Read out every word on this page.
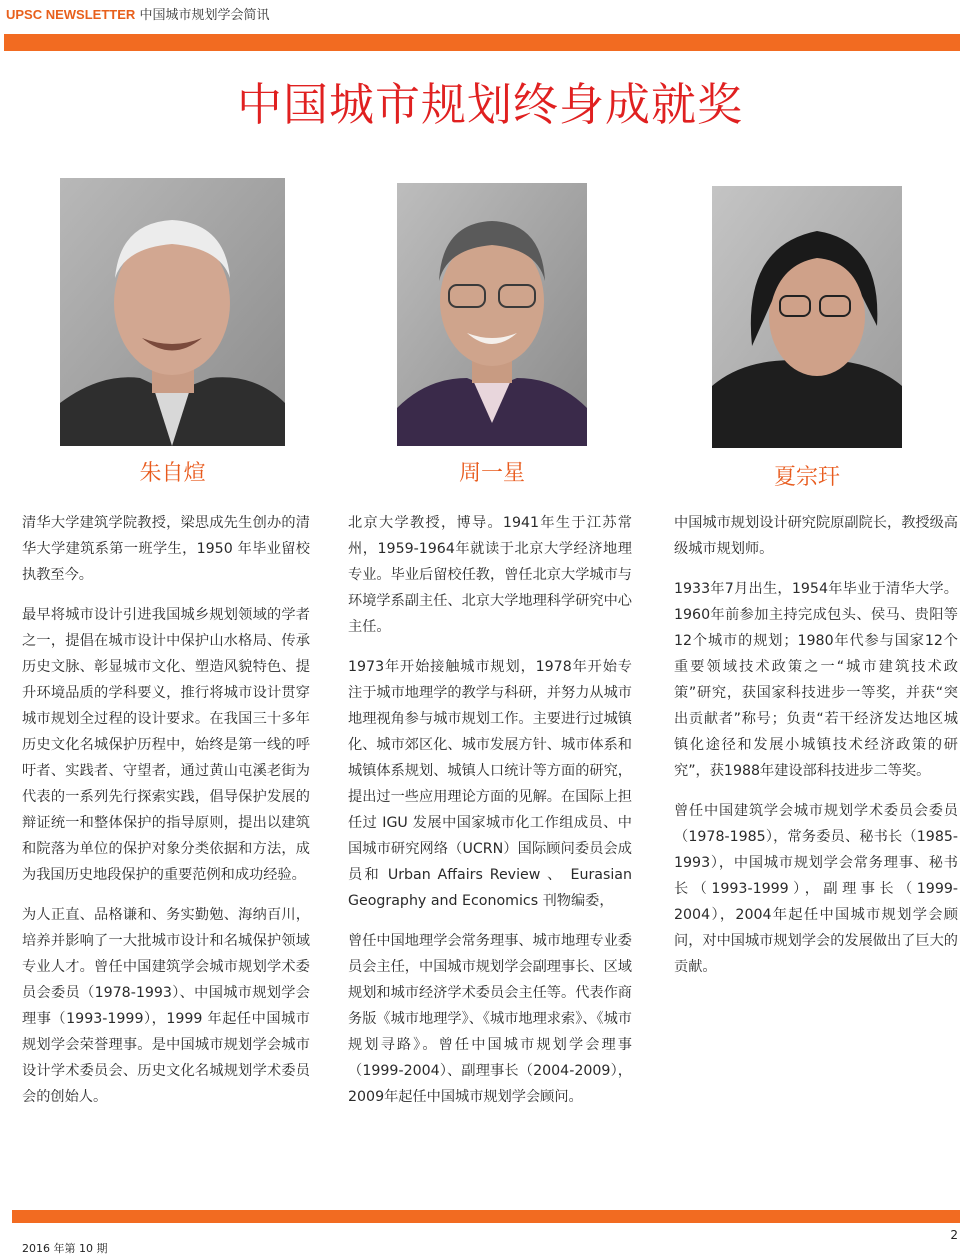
UPSC NEWSLETTER 中国城市规划学会简讯
中国城市规划终身成就奖
朱自煊	周一星	夏宗玕

清华大学建筑学院教授，梁思成先生创办的清华大学建筑系第一班学生，1950 年毕业留校执教至今。

最早将城市设计引进我国城乡规划领域的学者之一，提倡在城市设计中保护山水格局、传承历史文脉、彰显城市文化、塑造风貌特色、提升环境品质的学科要义，推行将城市设计贯穿城市规划全过程的设计要求。在我国三十多年历史文化名城保护历程中，始终是第一线的呼吁者、实践者、守望者，通过黄山屯溪老街为代表的一系列先行探索实践，倡导保护发展的辩证统一和整体保护的指导原则，提出以建筑和院落为单位的保护对象分类依据和方法，成为我国历史地段保护的重要范例和成功经验。

为人正直、品格谦和、务实勤勉、海纳百川，培养并影响了一大批城市设计和名城保护领域专业人才。曾任中国建筑学会城市规划学术委员会委员（1978-1993）、中国城市规划学会理事（1993-1999），1999 年起任中国城市规划学会荣誉理事。是中国城市规划学会城市设计学术委员会、历史文化名城规划学术委员会的创始人。

北京大学教授，博导。1941年生于江苏常州，1959-1964年就读于北京大学经济地理专业。毕业后留校任教，曾任北京大学城市与环境学系副主任、北京大学地理科学研究中心主任。

1973年开始接触城市规划，1978年开始专注于城市地理学的教学与科研，并努力从城市地理视角参与城市规划工作。主要进行过城镇化、城市郊区化、城市发展方针、城市体系和城镇体系规划、城镇人口统计等方面的研究，提出过一些应用理论方面的见解。在国际上担任过 IGU 发展中国家城市化工作组成员、中国城市研究网络（UCRN）国际顾问委员会成员和 Urban Affairs Review 、 Eurasian Geography and Economics 刊物编委，

曾任中国地理学会常务理事、城市地理专业委员会主任，中国城市规划学会副理事长、区域规划和城市经济学术委员会主任等。代表作商务版《城市地理学》、《城市地理求索》、《城市规划寻路》。曾任中国城市规划学会理事（1999-2004）、副理事长（2004-2009），2009年起任中国城市规划学会顾问。

中国城市规划设计研究院原副院长，教授级高级城市规划师。

1933年7月出生，1954年毕业于清华大学。1960年前参加主持完成包头、侯马、贵阳等12个城市的规划；1980年代参与国家12个重要领域技术政策之一“城市建筑技术政策”研究，获国家科技进步一等奖，并获“突出贡献者”称号；负责“若干经济发达地区城镇化途径和发展小城镇技术经济政策的研究”，获1988年建设部科技进步二等奖。

曾任中国建筑学会城市规划学术委员会委员（1978-1985），常务委员、秘书长（1985-1993），中国城市规划学会常务理事、秘书长（1993-1999），副理事长（1999-2004），2004年起任中国城市规划学会顾问，对中国城市规划学会的发展做出了巨大的贡献。

2
2016 年第 10 期
